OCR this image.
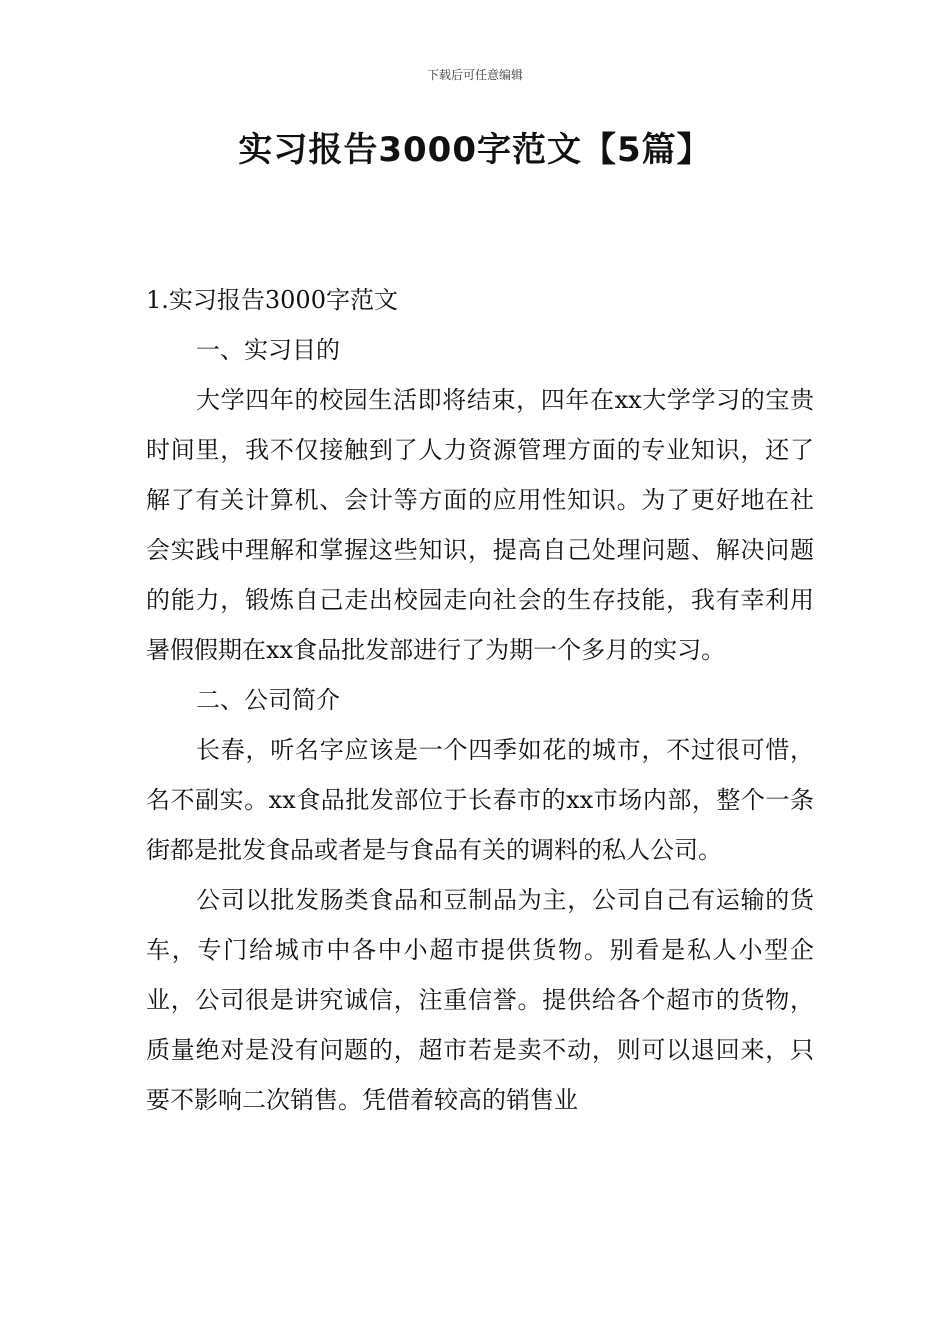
下载后可任意编辑
实习报告3000字范文【5篇】

1.实习报告3000字范文

一、实习目的

大学四年的校园生活即将结束，四年在xx大学学习的宝贵时间里，我不仅接触到了人力资源管理方面的专业知识，还了解了有关计算机、会计等方面的应用性知识。为了更好地在社会实践中理解和掌握这些知识，提高自己处理问题、解决问题的能力，锻炼自己走出校园走向社会的生存技能，我有幸利用暑假假期在xx食品批发部进行了为期一个多月的实习。

二、公司简介

长春，听名字应该是一个四季如花的城市，不过很可惜，名不副实。xx食品批发部位于长春市的xx市场内部，整个一条街都是批发食品或者是与食品有关的调料的私人公司。

公司以批发肠类食品和豆制品为主，公司自己有运输的货车，专门给城市中各中小超市提供货物。别看是私人小型企业，公司很是讲究诚信，注重信誉。提供给各个超市的货物，质量绝对是没有问题的，超市若是卖不动，则可以退回来，只要不影响二次销售。凭借着较高的销售业
